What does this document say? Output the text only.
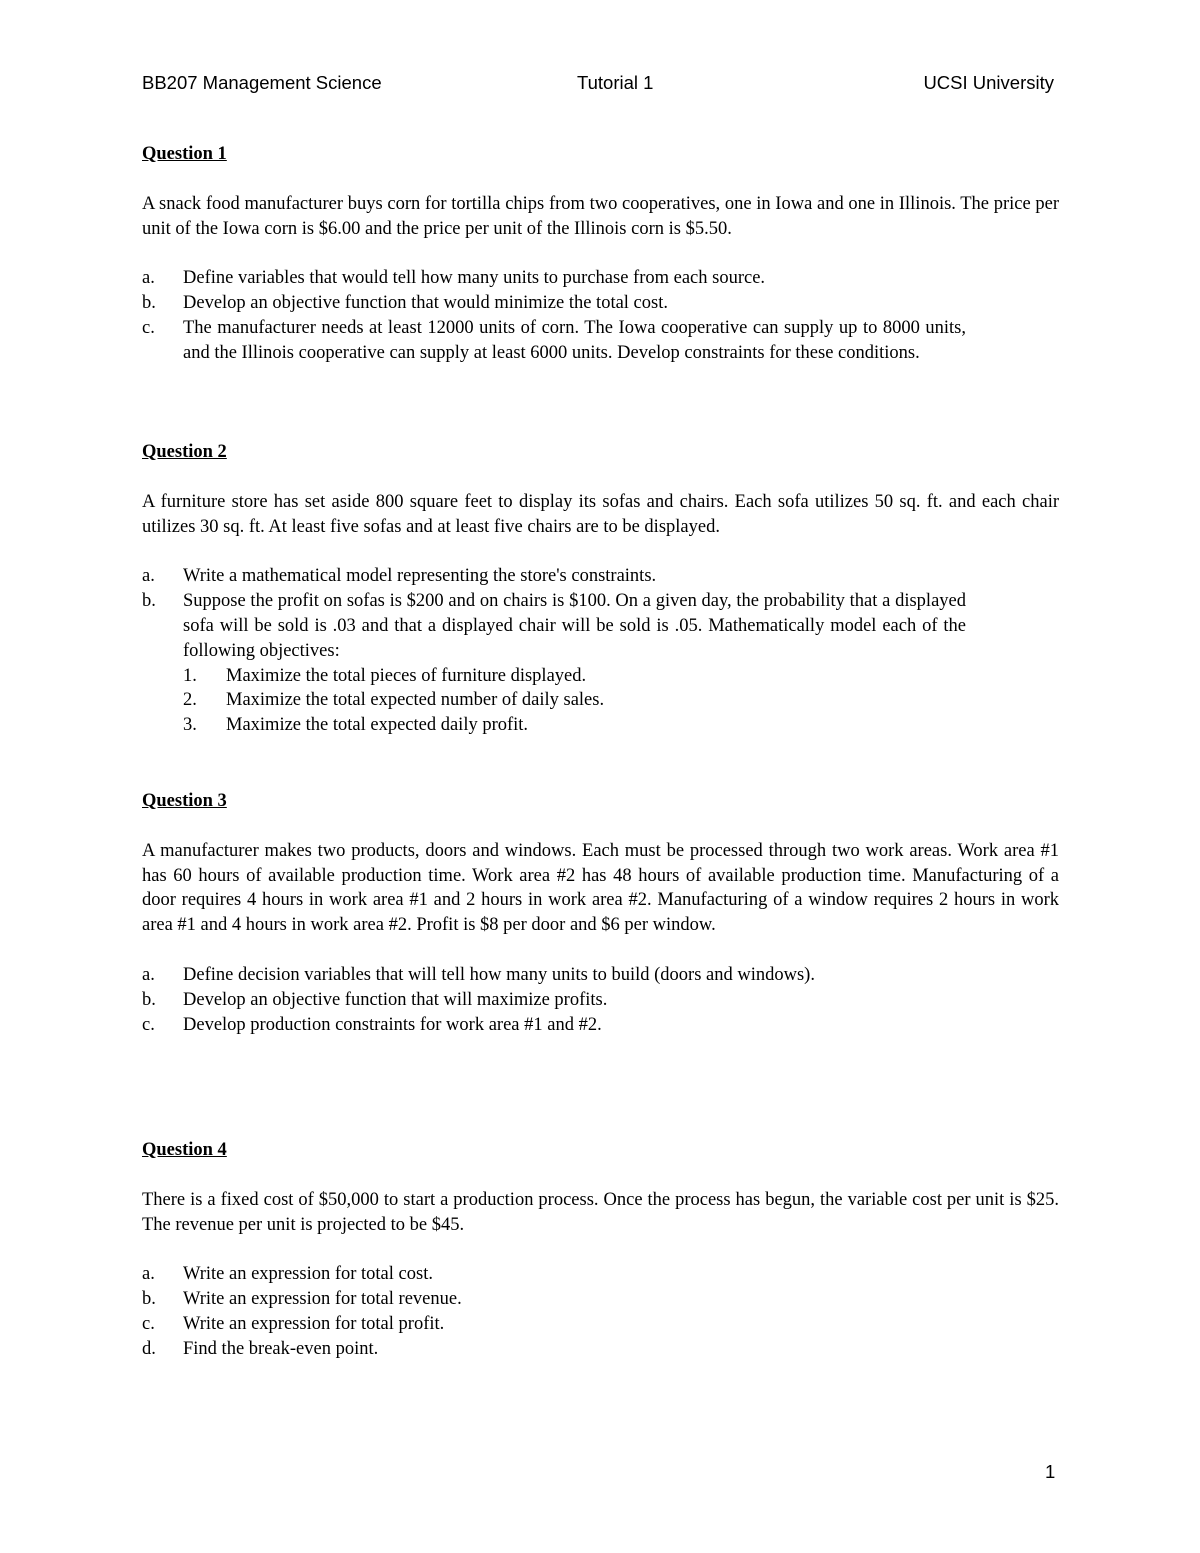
BB207 Management Science	Tutorial 1	UCSI University
Question 1

A snack food manufacturer buys corn for tortilla chips from two cooperatives, one in Iowa and one in Illinois. The price per unit of the Iowa corn is $6.00 and the price per unit of the Illinois corn is $5.50.

a. Define variables that would tell how many units to purchase from each source.
b. Develop an objective function that would minimize the total cost.
c. The manufacturer needs at least 12000 units of corn. The Iowa cooperative can supply up to 8000 units, and the Illinois cooperative can supply at least 6000 units. Develop constraints for these conditions.
Question 2

A furniture store has set aside 800 square feet to display its sofas and chairs. Each sofa utilizes 50 sq. ft. and each chair utilizes 30 sq. ft. At least five sofas and at least five chairs are to be displayed.

a. Write a mathematical model representing the store's constraints.
b. Suppose the profit on sofas is $200 and on chairs is $100. On a given day, the probability that a displayed sofa will be sold is .03 and that a displayed chair will be sold is .05. Mathematically model each of the following objectives:
1. Maximize the total pieces of furniture displayed.
2. Maximize the total expected number of daily sales.
3. Maximize the total expected daily profit.
Question 3

A manufacturer makes two products, doors and windows. Each must be processed through two work areas. Work area #1 has 60 hours of available production time. Work area #2 has 48 hours of available production time. Manufacturing of a door requires 4 hours in work area #1 and 2 hours in work area #2. Manufacturing of a window requires 2 hours in work area #1 and 4 hours in work area #2. Profit is $8 per door and $6 per window.

a. Define decision variables that will tell how many units to build (doors and windows).
b. Develop an objective function that will maximize profits.
c. Develop production constraints for work area #1 and #2.
Question 4

There is a fixed cost of $50,000 to start a production process. Once the process has begun, the variable cost per unit is $25. The revenue per unit is projected to be $45.

a. Write an expression for total cost.
b. Write an expression for total revenue.
c. Write an expression for total profit.
d. Find the break-even point.
1
